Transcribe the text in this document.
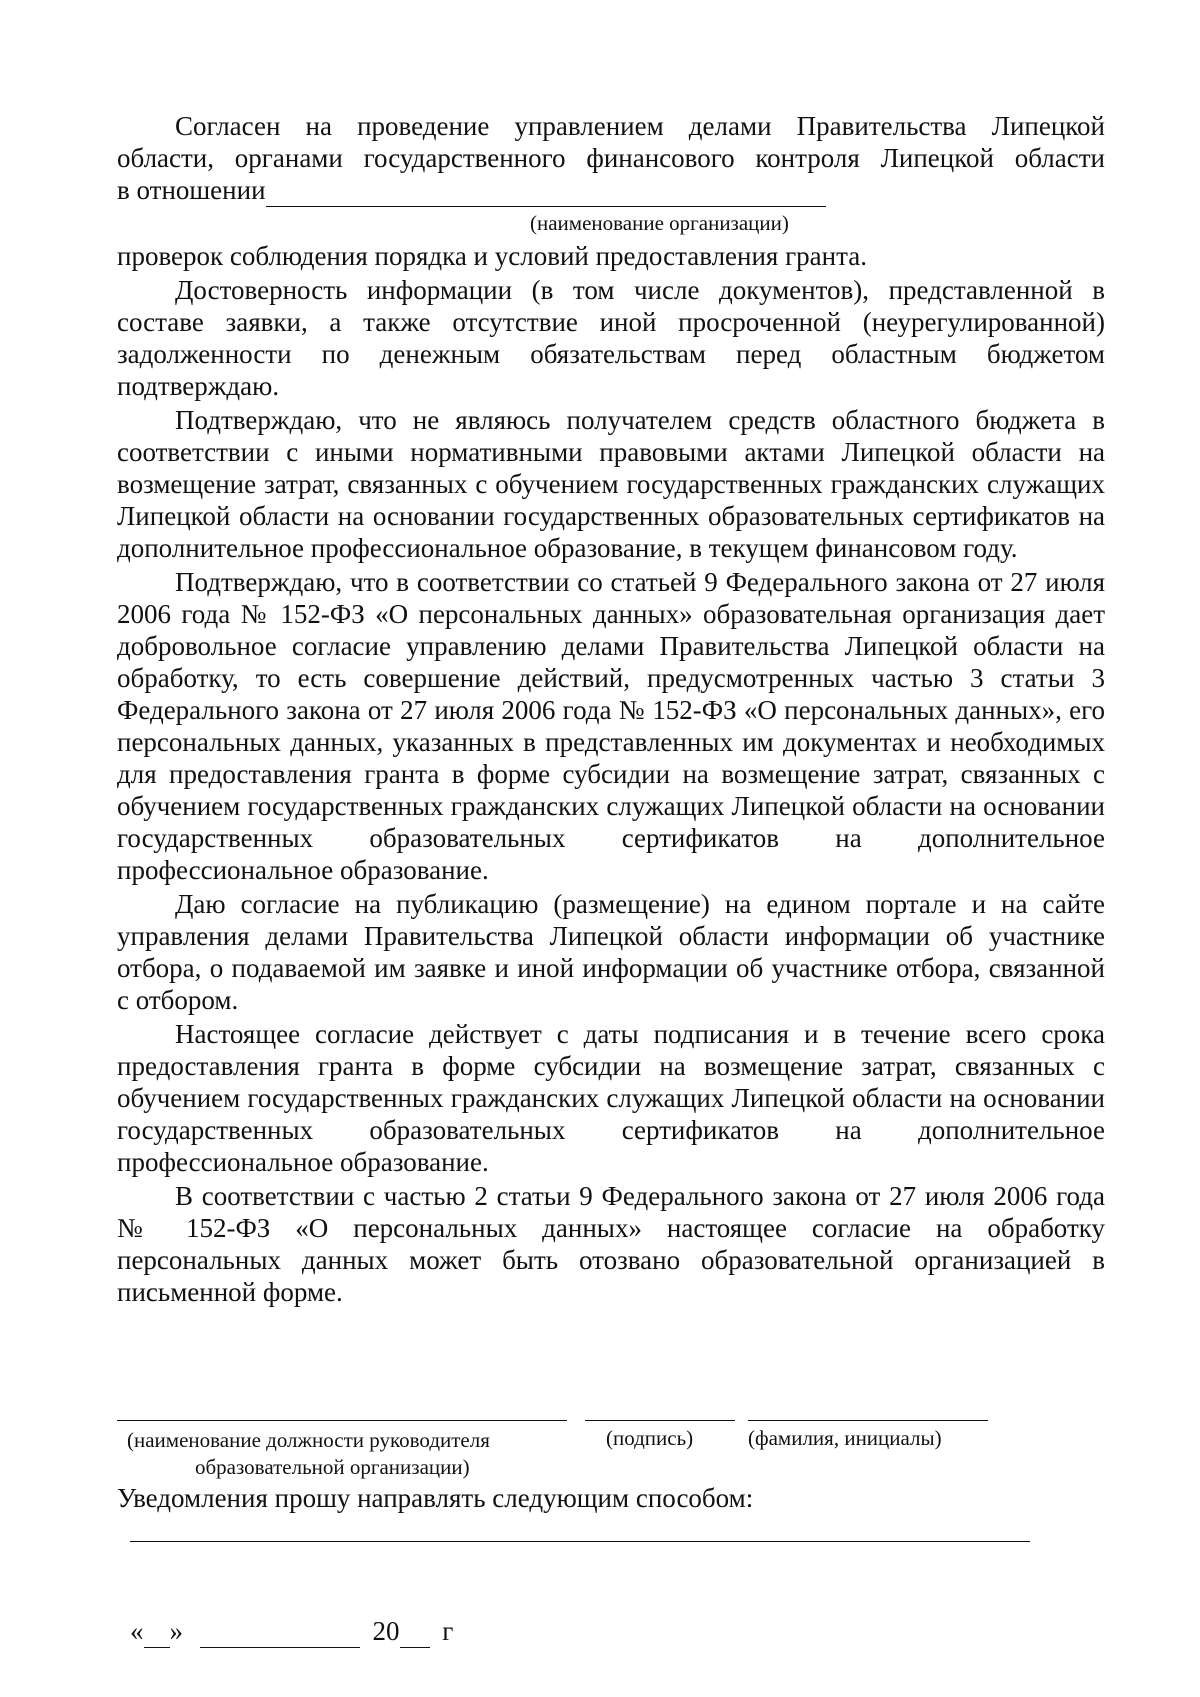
Согласен на проведение управлением делами Правительства Липецкой

области, органами государственного финансового контроля Липецкой области

в отношении

(наименование организации)

проверок соблюдения порядка и условий предоставления гранта.

Достоверность информации (в том числе документов), представленной в составе заявки, а также отсутствие иной просроченной (неурегулированной) задолженности по денежным обязательствам перед областным бюджетом подтверждаю.

Подтверждаю, что не являюсь получателем средств областного бюджета в соответствии с иными нормативными правовыми актами Липецкой области на возмещение затрат, связанных с обучением государственных гражданских служащих Липецкой области на основании государственных образовательных сертификатов на дополнительное профессиональное образование, в текущем финансовом году.

Подтверждаю, что в соответствии со статьей 9 Федерального закона от 27 июля 2006 года № 152-ФЗ «О персональных данных» образовательная организация дает добровольное согласие управлению делами Правительства Липецкой области на обработку, то есть совершение действий, предусмотренных частью 3 статьи 3 Федерального закона от 27 июля 2006 года № 152-ФЗ «О персональных данных», его персональных данных, указанных в представленных им документах и необходимых для предоставления гранта в форме субсидии на возмещение затрат, связанных с обучением государственных гражданских служащих Липецкой области на основании государственных образовательных сертификатов на дополнительное профессиональное образование.

Даю согласие на публикацию (размещение) на едином портале и на сайте управления делами Правительства Липецкой области информации об участнике отбора, о подаваемой им заявке и иной информации об участнике отбора, связанной с отбором.

Настоящее согласие действует с даты подписания и в течение всего срока предоставления гранта в форме субсидии на возмещение затрат, связанных с обучением государственных гражданских служащих Липецкой области на основании государственных образовательных сертификатов на дополнительное профессиональное образование.

В соответствии с частью 2 статьи 9 Федерального закона от 27 июля 2006 года № 152-ФЗ «О персональных данных» настоящее согласие на обработку персональных данных может быть отозвано образовательной организацией в письменной форме.

(наименование должности руководителя
образовательной организации)
(подпись)	(фамилия, инициалы)

Уведомления прошу направлять следующим способом:

« »	20 г
